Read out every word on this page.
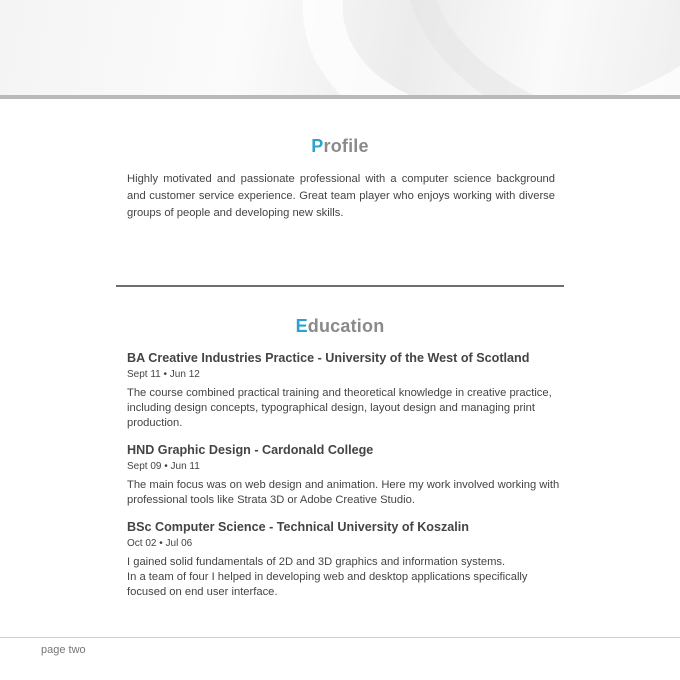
Profile
Highly motivated and passionate professional with a computer science background and customer service experience. Great team player who enjoys working with diverse groups of people and developing new skills.
Education
BA Creative Industries Practice - University of the West of Scotland
Sept 11 • Jun 12
The course combined practical training and theoretical knowledge in creative practice, including design concepts, typographical design, layout design and managing print production.
HND Graphic Design - Cardonald College
Sept 09 • Jun 11
The main focus was on web design and animation. Here my work involved working with professional tools like Strata 3D or Adobe Creative Studio.
BSc Computer Science - Technical University of Koszalin
Oct 02 • Jul 06
I gained solid fundamentals of 2D and 3D graphics and information systems.
In a team of four I helped in developing web and desktop applications specifically focused on end user interface.
page two
